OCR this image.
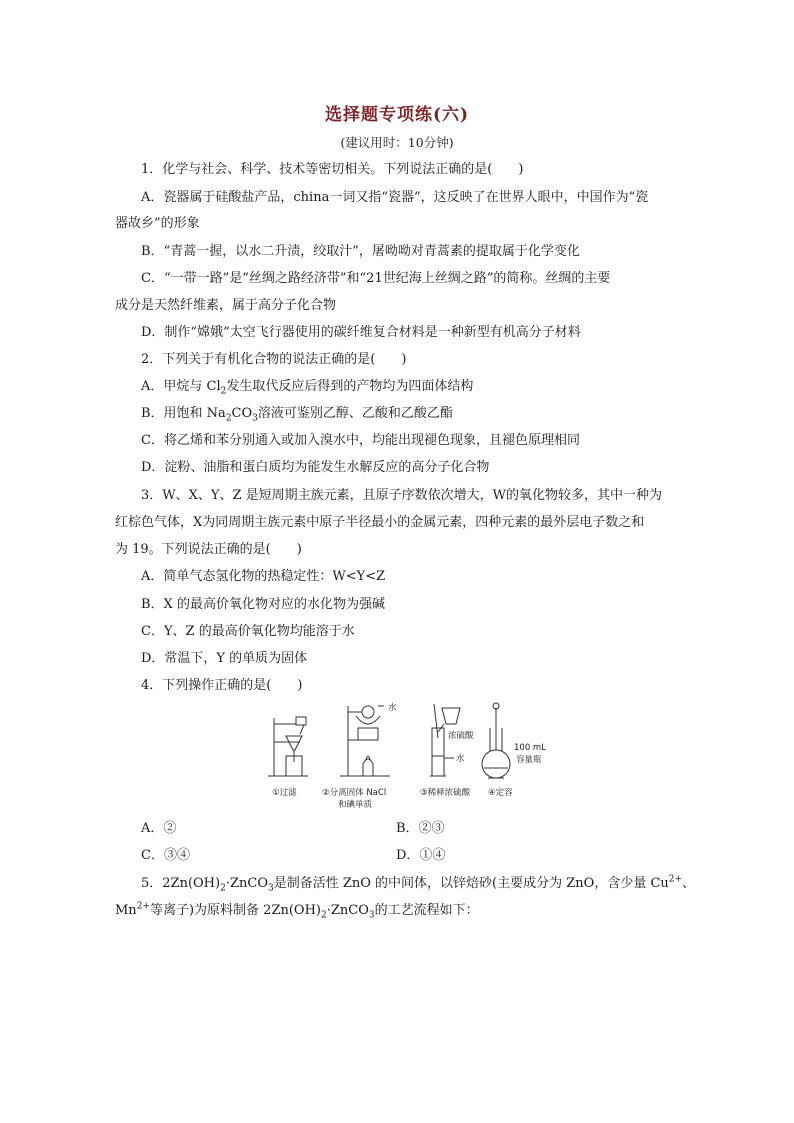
选择题专项练(六)
(建议用时：10分钟)
1．化学与社会、科学、技术等密切相关。下列说法正确的是(　　)
A．瓷器属于硅酸盐产品，china一词又指“瓷器”，这反映了在世界人眼中，中国作为“瓷
器故乡”的形象
B．“青蒿一握，以水二升渍，绞取汁”，屠呦呦对青蒿素的提取属于化学变化
C．“一带一路”是“丝绸之路经济带”和“21世纪海上丝绸之路”的简称。丝绸的主要
成分是天然纤维素，属于高分子化合物
D．制作“嫦娥”太空飞行器使用的碳纤维复合材料是一种新型有机高分子材料
2．下列关于有机化合物的说法正确的是(　　)
A．甲烷与 $Cl_2$发生取代反应后得到的产物均为四面体结构
B．用饱和 $Na_2CO_3$溶液可鉴别乙醇、乙酸和乙酸乙酯
C．将乙烯和苯分别通入或加入溴水中，均能出现褪色现象，且褪色原理相同
D．淀粉、油脂和蛋白质均为能发生水解反应的高分子化合物
3．W、X、Y、Z 是短周期主族元素，且原子序数依次增大，W的氧化物较多，其中一种为
红棕色气体，X为同周期主族元素中原子半径最小的金属元素，四种元素的最外层电子数之和
为 19。下列说法正确的是(　　)
A．简单气态氢化物的热稳定性：W<Y<Z
B．X 的最高价氧化物对应的水化物为强碱
C．Y、Z 的最高价氧化物均能溶于水
D．常温下，Y 的单质为固体
4．下列操作正确的是(　　)
水
浓硫酸
水
100 mL
容量瓶
①过滤	②分离固体 NaCl
和碘单质
③稀释浓硫酸 ④定容
A．②	B．②③
C．③④	D．①④
5．$2Zn(OH)_2\cdot ZnCO_3$是制备活性 ZnO 的中间体，以锌焙砂(主要成分为 ZnO，含少量 $Cu^{2+}$、
$Mn^{2+}$等离子)为原料制备 $2Zn(OH)_2\cdot ZnCO_3$的工艺流程如下：
